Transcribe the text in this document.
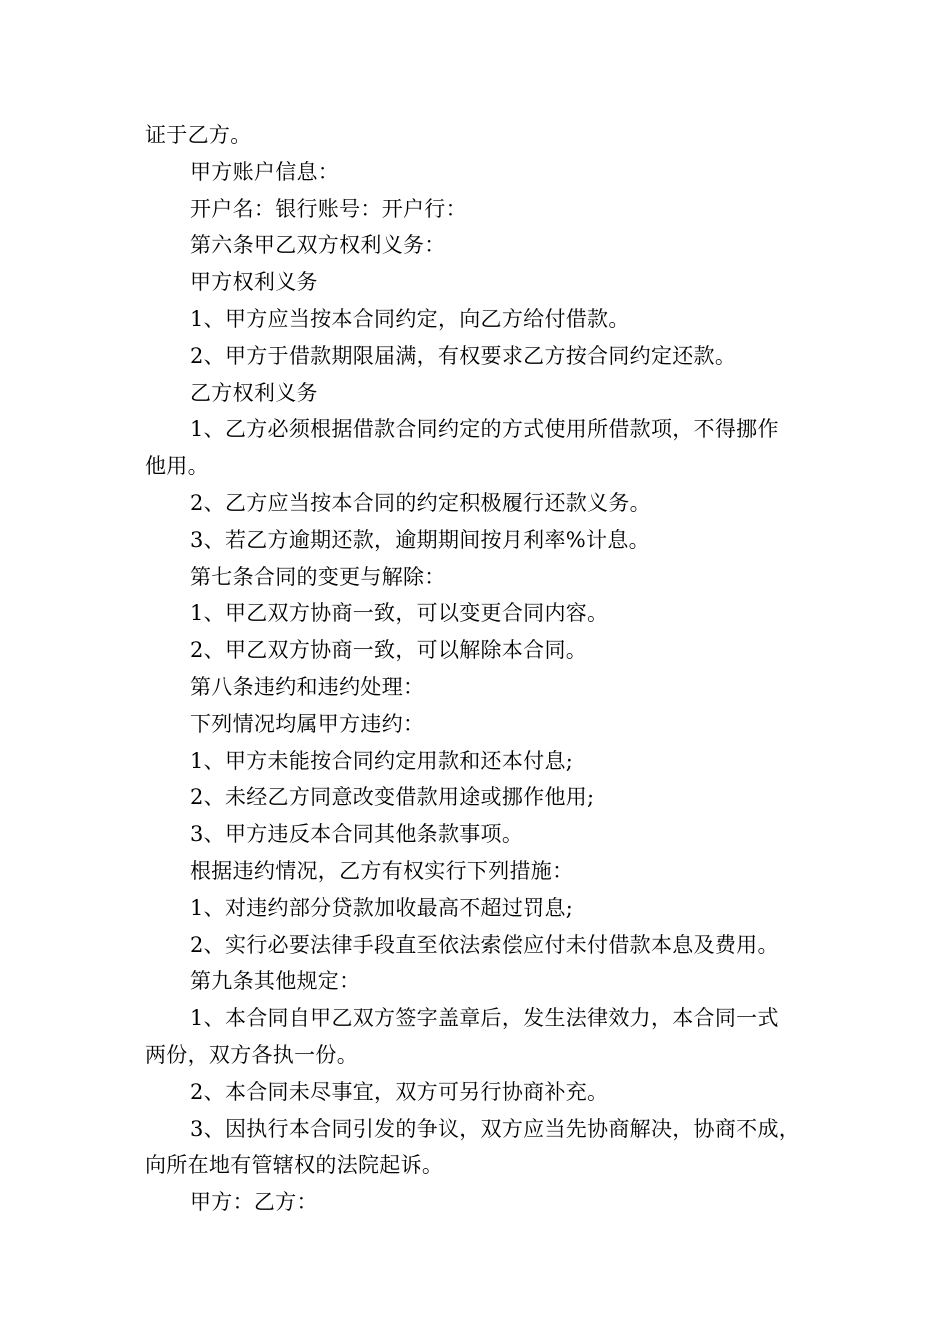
证于乙方。
甲方账户信息：
开户名：银行账号：开户行：
第六条甲乙双方权利义务：
甲方权利义务
1、甲方应当按本合同约定，向乙方给付借款。
2、甲方于借款期限届满，有权要求乙方按合同约定还款。
乙方权利义务
1、乙方必须根据借款合同约定的方式使用所借款项，不得挪作
他用。
2、乙方应当按本合同的约定积极履行还款义务。
3、若乙方逾期还款，逾期期间按月利率%计息。
第七条合同的变更与解除：
1、甲乙双方协商一致，可以变更合同内容。
2、甲乙双方协商一致，可以解除本合同。
第八条违约和违约处理：
下列情况均属甲方违约：
1、甲方未能按合同约定用款和还本付息;
2、未经乙方同意改变借款用途或挪作他用;
3、甲方违反本合同其他条款事项。
根据违约情况，乙方有权实行下列措施：
1、对违约部分贷款加收最高不超过罚息;
2、实行必要法律手段直至依法索偿应付未付借款本息及费用。
第九条其他规定：
1、本合同自甲乙双方签字盖章后，发生法律效力，本合同一式
两份，双方各执一份。
2、本合同未尽事宜，双方可另行协商补充。
3、因执行本合同引发的争议，双方应当先协商解决，协商不成，
向所在地有管辖权的法院起诉。
甲方：乙方：
